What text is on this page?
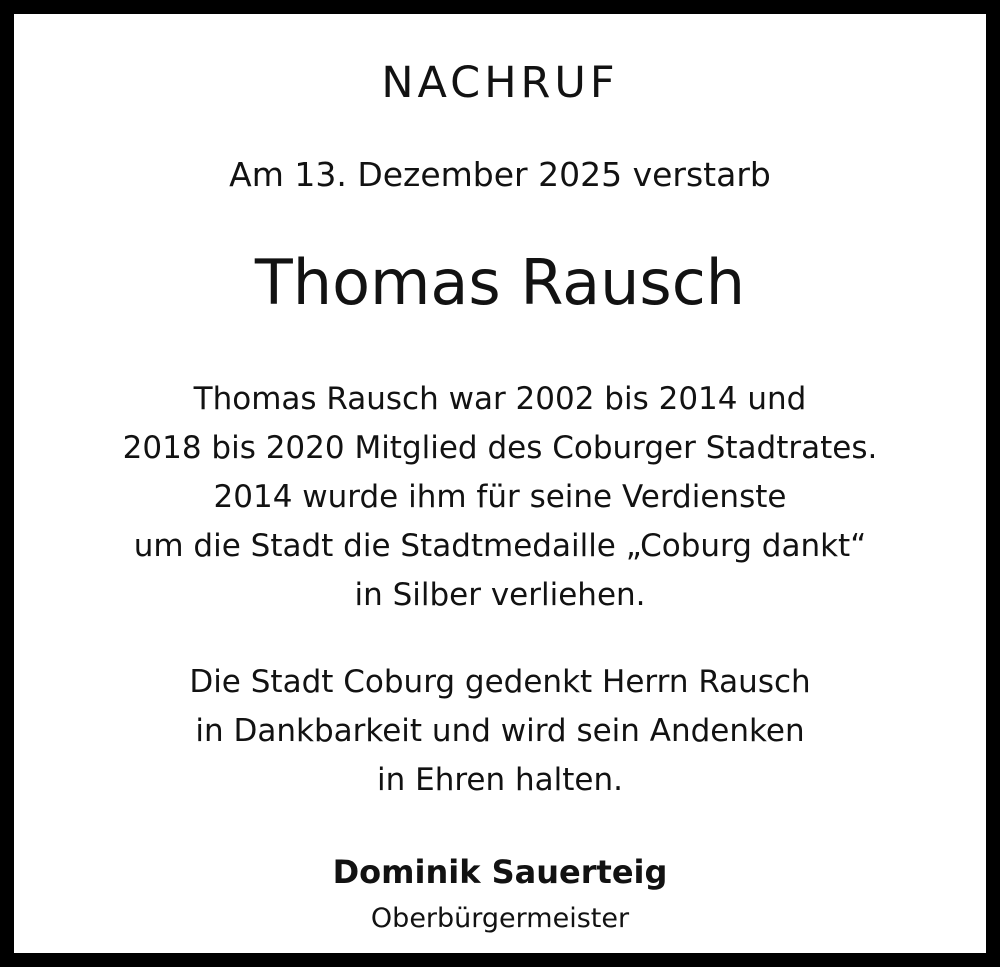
NACHRUF

Am 13. Dezember 2025 verstarb

Thomas Rausch

Thomas Rausch war 2002 bis 2014 und
2018 bis 2020 Mitglied des Coburger Stadtrates.
2014 wurde ihm für seine Verdienste
um die Stadt die Stadtmedaille „Coburg dankt“
in Silber verliehen.

Die Stadt Coburg gedenkt Herrn Rausch
in Dankbarkeit und wird sein Andenken
in Ehren halten.

Dominik Sauerteig

Oberbürgermeister
